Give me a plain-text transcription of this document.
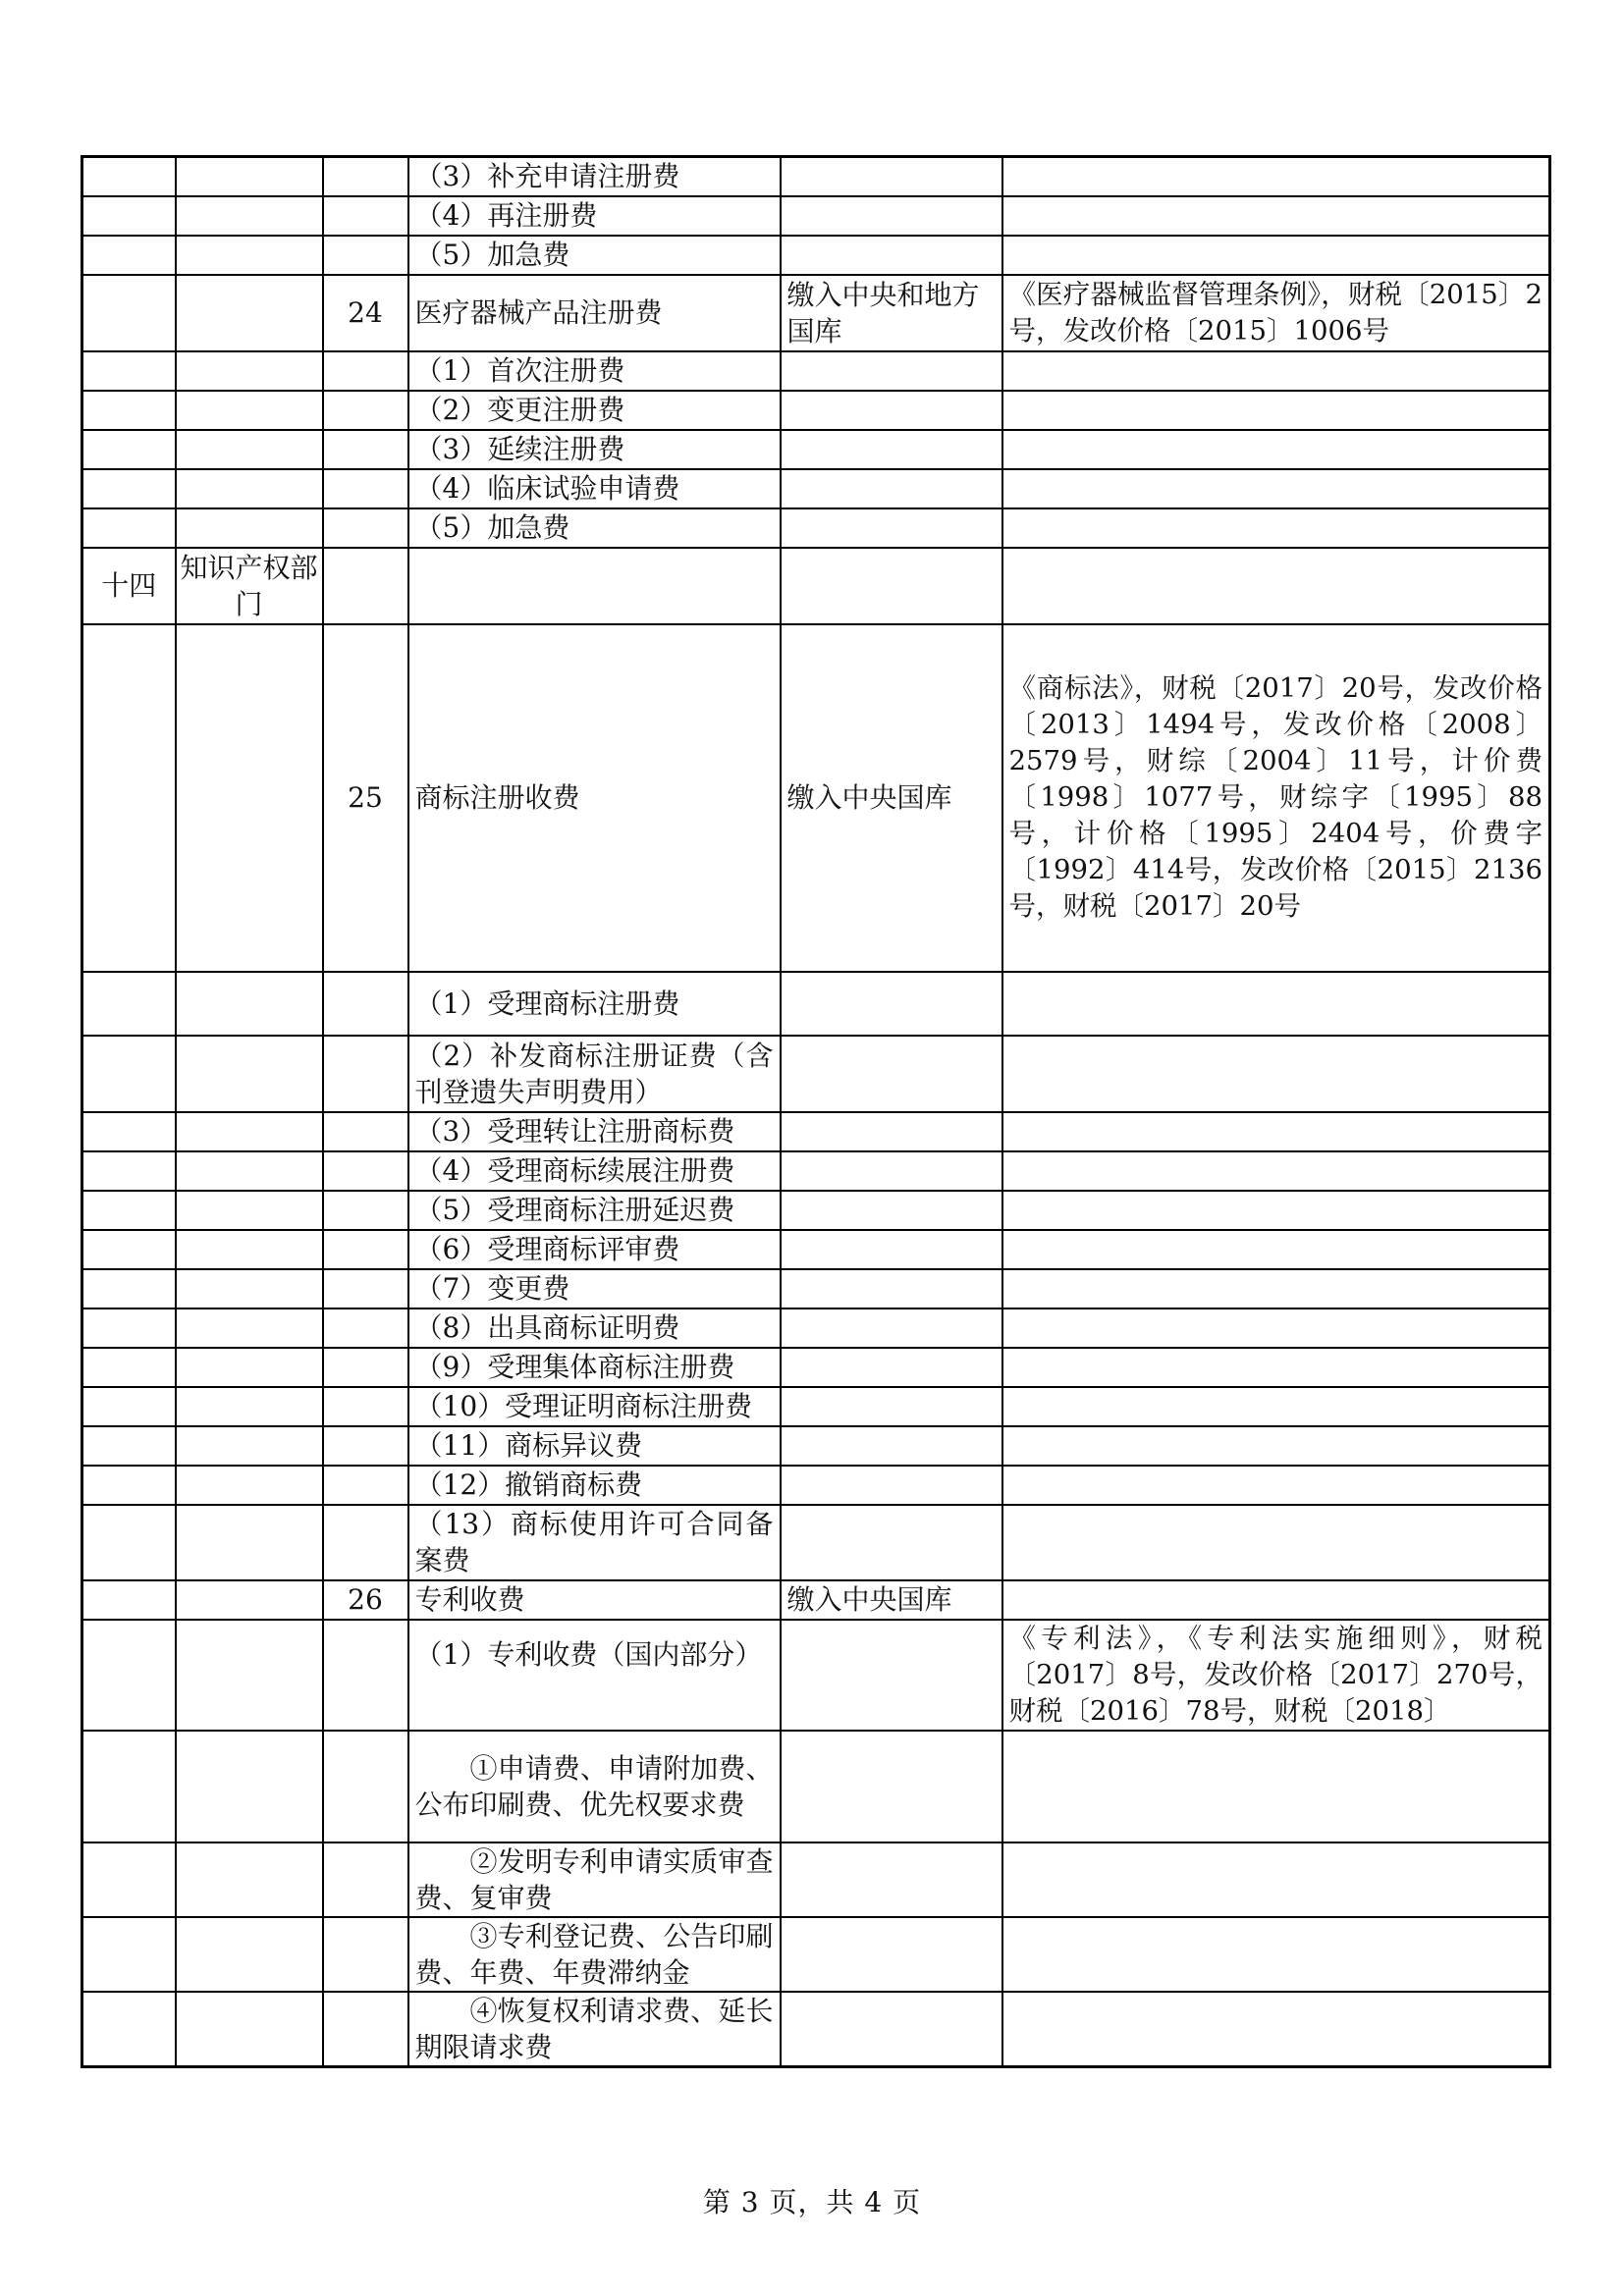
			（3）补充申请注册费		
			（4）再注册费		
			（5）加急费		
		24	医疗器械产品注册费	缴入中央和地方国库	《医疗器械监督管理条例》，财税〔2015〕2号，发改价格〔2015〕1006号
			（1）首次注册费		
			（2）变更注册费		
			（3）延续注册费		
			（4）临床试验申请费		
			（5）加急费		
十四	知识产权部门				
		25	商标注册收费	缴入中央国库	《商标法》，财税〔2017〕20号，发改价格〔2013〕1494号，发改价格〔2008〕2579号，财综〔2004〕11号，计价费〔1998〕1077号，财综字〔1995〕88号，计价格〔1995〕2404号，价费字〔1992〕414号，发改价格〔2015〕2136号，财税〔2017〕20号
			（1）受理商标注册费		
			（2）补发商标注册证费（含刊登遗失声明费用）		
			（3）受理转让注册商标费		
			（4）受理商标续展注册费		
			（5）受理商标注册延迟费		
			（6）受理商标评审费		
			（7）变更费		
			（8）出具商标证明费		
			（9）受理集体商标注册费		
			（10）受理证明商标注册费		
			（11）商标异议费		
			（12）撤销商标费		
			（13）商标使用许可合同备案费		
		26	专利收费	缴入中央国库	
			（1）专利收费（国内部分）		《专利法》，《专利法实施细则》，财税〔2017〕8号，发改价格〔2017〕270号，财税〔2016〕78号，财税〔2018〕
			①申请费、申请附加费、公布印刷费、优先权要求费		
			②发明专利申请实质审查费、复审费		
			③专利登记费、公告印刷费、年费、年费滞纳金		
			④恢复权利请求费、延长期限请求费		
第 3 页，共 4 页
